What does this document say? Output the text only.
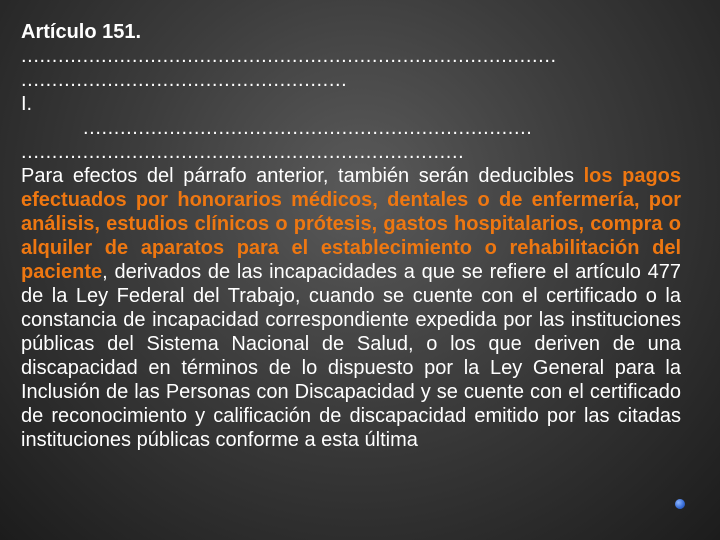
Artículo 151.
.......................................................................................
.....................................................
I.
.........................................................................
........................................................................
Para efectos del párrafo anterior, también serán deducibles los pagos efectuados por honorarios médicos, dentales o de enfermería, por análisis, estudios clínicos o prótesis, gastos hospitalarios, compra o alquiler de aparatos para el establecimiento o rehabilitación del paciente, derivados de las incapacidades a que se refiere el artículo 477 de la Ley Federal del Trabajo, cuando se cuente con el certificado o la constancia de incapacidad correspondiente expedida por las instituciones públicas del Sistema Nacional de Salud, o los que deriven de una discapacidad en términos de lo dispuesto por la Ley General para la Inclusión de las Personas con Discapacidad y se cuente con el certificado de reconocimiento y calificación de discapacidad emitido por las citadas instituciones públicas conforme a esta última
